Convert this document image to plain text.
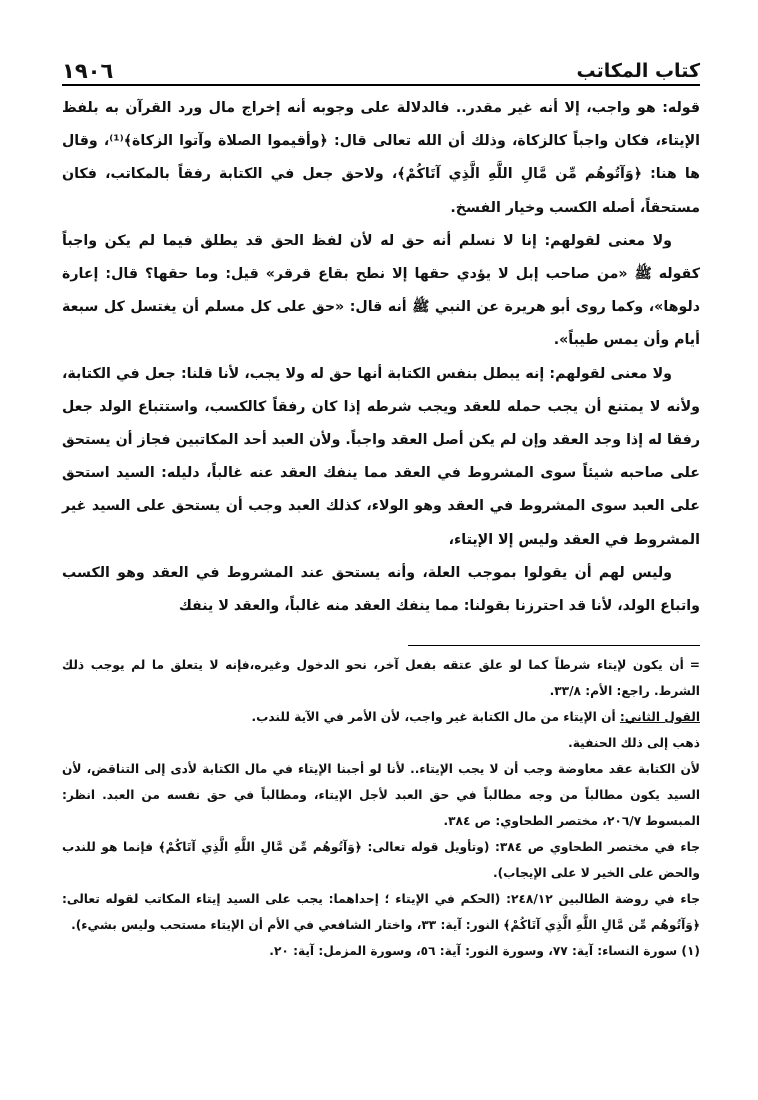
كتاب المكاتب
١٩٠٦

قوله: هو واجب، إلا أنه غير مقدر.. فالدلالة على وجوبه أنه إخراج مال ورد القرآن به بلفظ الإيتاء، فكان واجباً كالزكاة، وذلك أن الله تعالى قال: ﴿وأقيموا الصلاة وآتوا الزكاة﴾⁽¹⁾، وقال ها هنا: ﴿وَآتُوهُم مِّن مَّالِ اللَّهِ الَّذِي آتَاكُمْ﴾، ولاحق جعل في الكتابة رفقاً بالمكاتب، فكان مستحقاً، أصله الكسب وخيار الفسخ.

ولا معنى لقولهم: إنا لا نسلم أنه حق له لأن لفظ الحق قد يطلق فيما لم يكن واجباً كقوله ﷺ «من صاحب إبل لا يؤدي حقها إلا نطح بقاع قرقر» قيل: وما حقها؟ قال: إعارة دلوها»، وكما روى أبو هريرة عن النبي ﷺ أنه قال: «حق على كل مسلم أن يغتسل كل سبعة أيام وأن يمس طيباً».

ولا معنى لقولهم: إنه يبطل بنفس الكتابة أنها حق له ولا يجب، لأنا قلنا: جعل في الكتابة، ولأنه لا يمتنع أن يجب حمله للعقد ويجب شرطه إذا كان رفقاً كالكسب، واستتباع الولد جعل رفقا له إذا وجد العقد وإن لم يكن أصل العقد واجباً. ولأن العبد أحد المكاتبين فجاز أن يستحق على صاحبه شيئاً سوى المشروط في العقد مما ينفك العقد عنه غالباً، دليله: السيد استحق على العبد سوى المشروط في العقد وهو الولاء، كذلك العبد وجب أن يستحق على السيد غير المشروط في العقد وليس إلا الإيتاء،

وليس لهم أن يقولوا بموجب العلة، وأنه يستحق عند المشروط في العقد وهو الكسب واتباع الولد، لأنا قد احترزنا بقولنا: مما ينفك العقد منه غالباً، والعقد لا ينفك

=أن يكون لإيتاء شرطاً كما لو علق عتقه بفعل آخر، نحو الدخول وغيره،فإنه لا يتعلق ما لم يوجب ذلك الشرط. راجع: الأم: ٣٣/٨.

القول الثاني: أن الإيتاء من مال الكتابة غير واجب، لأن الأمر في الآية للندب.

ذهب إلى ذلك الحنفية.

لأن الكتابة عقد معاوضة وجب أن لا يجب الإيتاء.. لأنا لو أجبنا الإيتاء في مال الكتابة لأدى إلى التناقض، لأن السيد يكون مطالباً من وجه مطالباً في حق العبد لأجل الإيتاء، ومطالباً في حق نفسه من العبد. انظر: المبسوط ٢٠٦/٧، مختصر الطحاوي: ص ٣٨٤.

جاء في مختصر الطحاوي ص ٣٨٤: (وتأويل قوله تعالى: ﴿وَآتُوهُم مِّن مَّالِ اللَّهِ الَّذِي آتَاكُمْ﴾ فإنما هو للندب والحض على الخير لا على الإيجاب).

جاء في روضة الطالبين ٢٤٨/١٢: (الحكم في الإيتاء ؛ إحداهما: يجب على السيد إيتاء المكاتب لقوله تعالى: ﴿وَآتُوهُم مِّن مَّالِ اللَّهِ الَّذِي آتَاكُمْ﴾ النور: آية: ٣٣، واختار الشافعي في الأم أن الإيتاء مستحب وليس بشيء).

(١) سورة النساء: آية: ٧٧، وسورة النور: آية: ٥٦، وسورة المزمل: آية: ٢٠.
